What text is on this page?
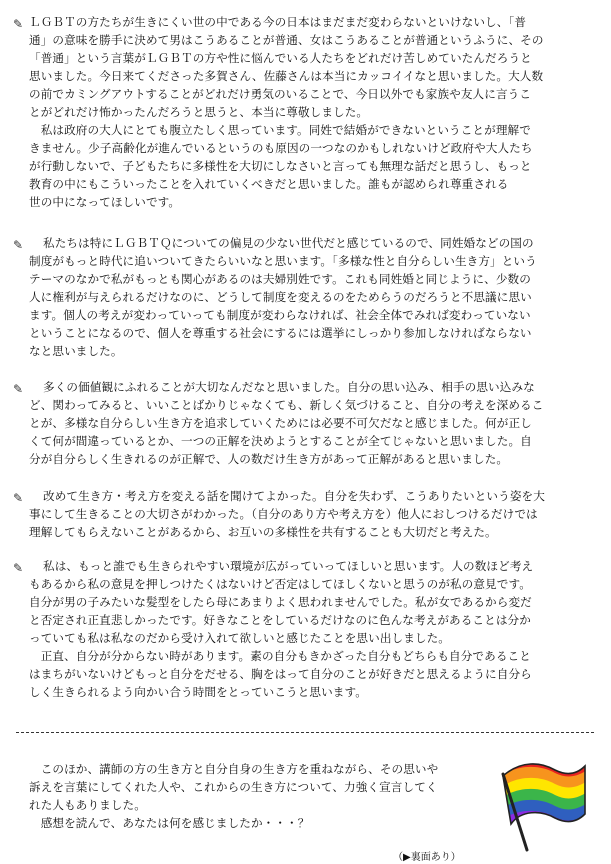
✎ ＬＧＢＴの方たちが生きにくい世の中である今の日本はまだまだ変わらないといけないし、「普
通」の意味を勝手に決めて男はこうあることが普通、女はこうあることが普通というふうに、その
「普通」という言葉がＬＧＢＴの方や性に悩んでいる人たちをどれだけ苦しめていたんだろうと
思いました。今日来てくださった多賀さん、佐藤さんは本当にカッコイイなと思いました。大人数
の前でカミングアウトすることがどれだけ勇気のいることで、今日以外でも家族や友人に言うこ
とがどれだけ怖かったんだろうと思うと、本当に尊敬しました。
　私は政府の大人にとても腹立たしく思っています。同姓で結婚ができないということが理解で
きません。少子高齢化が進んでいるというのも原因の一つなのかもしれないけど政府や大人たち
が行動しないで、子どもたちに多様性を大切にしなさいと言っても無理な話だと思うし、もっと
教育の中にもこういったことを入れていくべきだと思いました。誰もが認められ尊重される
世の中になってほしいです。
✎	私たちは特にＬＧＢＴＱについての偏見の少ない世代だと感じているので、同姓婚などの国の
制度がもっと時代に追いついてきたらいいなと思います。「多様な性と自分らしい生き方」という
テーマのなかで私がもっとも関心があるのは夫婦別姓です。これも同姓婚と同じように、少数の
人に権利が与えられるだけなのに、どうして制度を変えるのをためらうのだろうと不思議に思い
ます。個人の考えが変わっていっても制度が変わらなければ、社会全体でみれば変わっていない
ということになるので、個人を尊重する社会にするには選挙にしっかり参加しなければならない
なと思いました。
✎	多くの価値観にふれることが大切なんだなと思いました。自分の思い込み、相手の思い込みな
ど、関わってみると、いいことばかりじゃなくても、新しく気づけること、自分の考えを深めるこ
とが、多様な自分らしい生き方を追求していくためには必要不可欠だなと感じました。何が正し
くて何が間違っているとか、一つの正解を決めようとすることが全てじゃないと思いました。自
分が自分らしく生きれるのが正解で、人の数だけ生き方があって正解があると思いました。
✎	改めて生き方・考え方を変える話を聞けてよかった。自分を失わず、こうありたいという姿を大
事にして生きることの大切さがわかった。（自分のあり方や考え方を）他人におしつけるだけでは
理解してもらえないことがあるから、お互いの多様性を共有することも大切だと考えた。
✎	私は、もっと誰でも生きられやすい環境が広がっていってほしいと思います。人の数ほど考え
もあるから私の意見を押しつけたくはないけど否定はしてほしくないと思うのが私の意見です。
自分が男の子みたいな髪型をしたら母にあまりよく思われませんでした。私が女であるから変だ
と否定され正直悲しかったです。好きなことをしているだけなのに色んな考えがあることは分か
っていても私は私なのだから受け入れて欲しいと感じたことを思い出しました。
　正直、自分が分からない時があります。素の自分もきかざった自分もどちらも自分であること
はまちがいないけどもっと自分をだせる、胸をはって自分のことが好きだと思えるように自分ら
しく生きられるよう向かい合う時間をとっていこうと思います。
　このほか、講師の方の生き方と自分自身の生き方を重ねながら、その思いや
訴えを言葉にしてくれた人や、これからの生き方について、力強く宣言してく
れた人もありました。
　感想を読んで、あなたは何を感じましたか・・・？
（▶裏面あり）
